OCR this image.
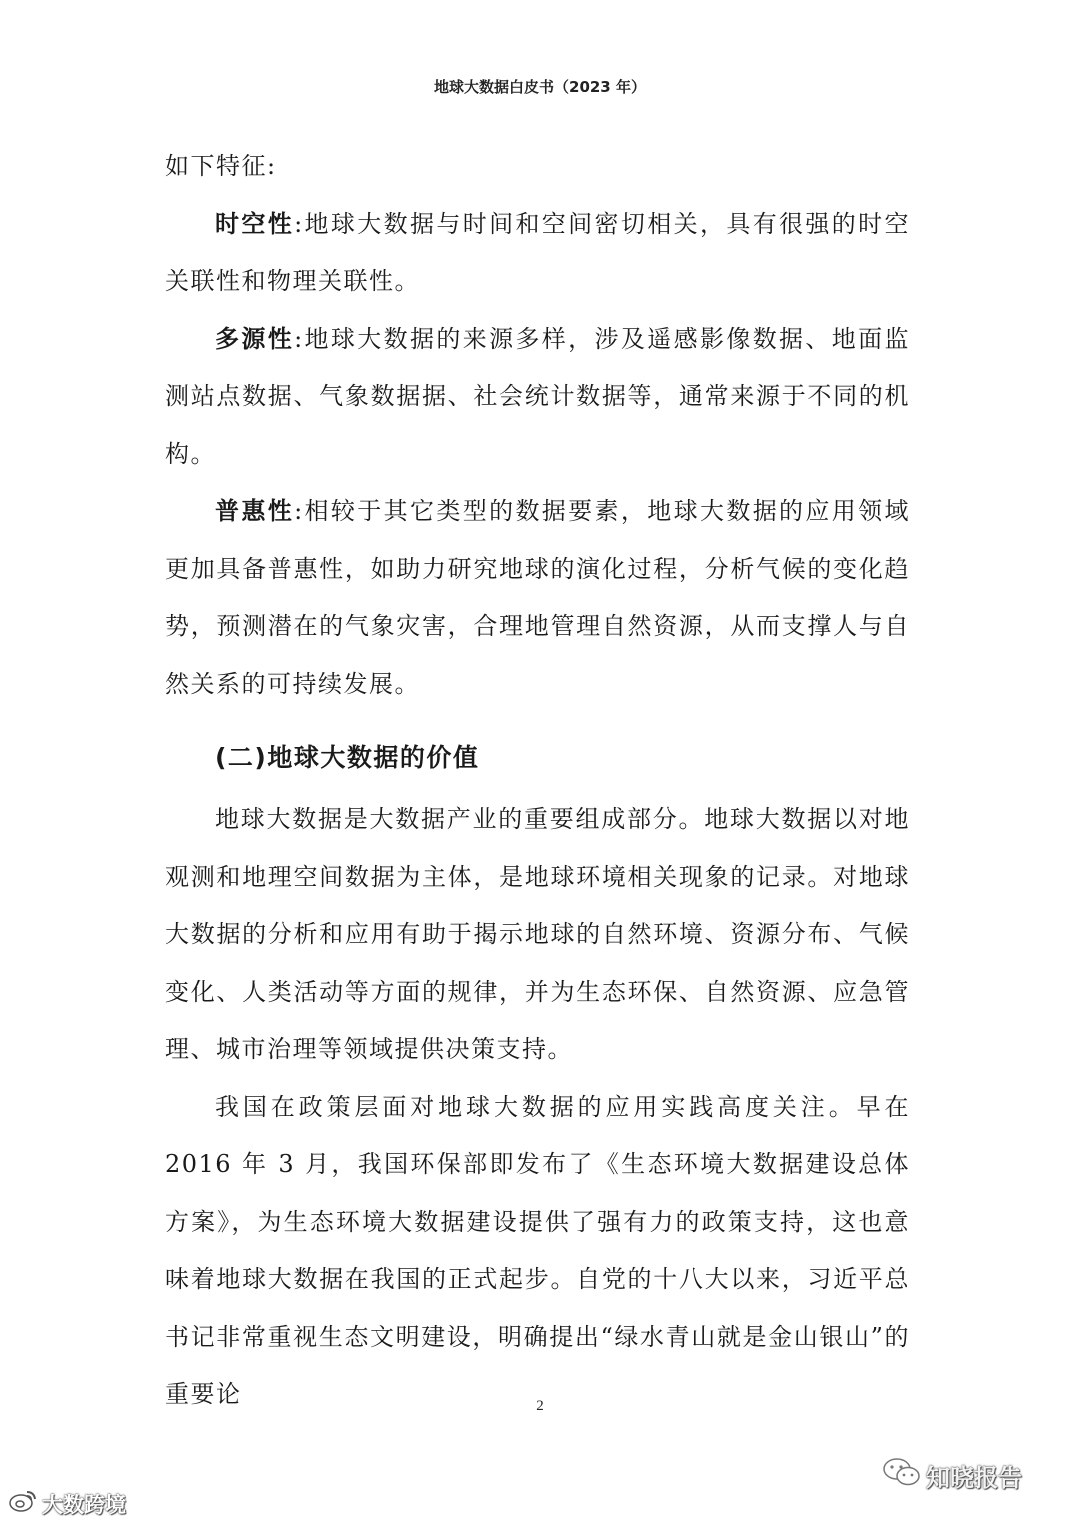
地球大数据白皮书（2023 年）

如下特征:

时空性:地球大数据与时间和空间密切相关，具有很强的时空关联性和物理关联性。

多源性:地球大数据的来源多样，涉及遥感影像数据、地面监测站点数据、气象数据据、社会统计数据等，通常来源于不同的机构。

普惠性:相较于其它类型的数据要素，地球大数据的应用领域更加具备普惠性，如助力研究地球的演化过程，分析气候的变化趋势，预测潜在的气象灾害，合理地管理自然资源，从而支撑人与自然关系的可持续发展。

(二)地球大数据的价值

地球大数据是大数据产业的重要组成部分。地球大数据以对地观测和地理空间数据为主体，是地球环境相关现象的记录。对地球大数据的分析和应用有助于揭示地球的自然环境、资源分布、气候变化、人类活动等方面的规律，并为生态环保、自然资源、应急管理、城市治理等领域提供决策支持。

我国在政策层面对地球大数据的应用实践高度关注。早在 2016 年 3 月，我国环保部即发布了《生态环境大数据建设总体方案》，为生态环境大数据建设提供了强有力的政策支持，这也意味着地球大数据在我国的正式起步。自党的十八大以来，习近平总书记非常重视生态文明建设，明确提出“绿水青山就是金山银山”的重要论	2
大数跨境
知晓报告
